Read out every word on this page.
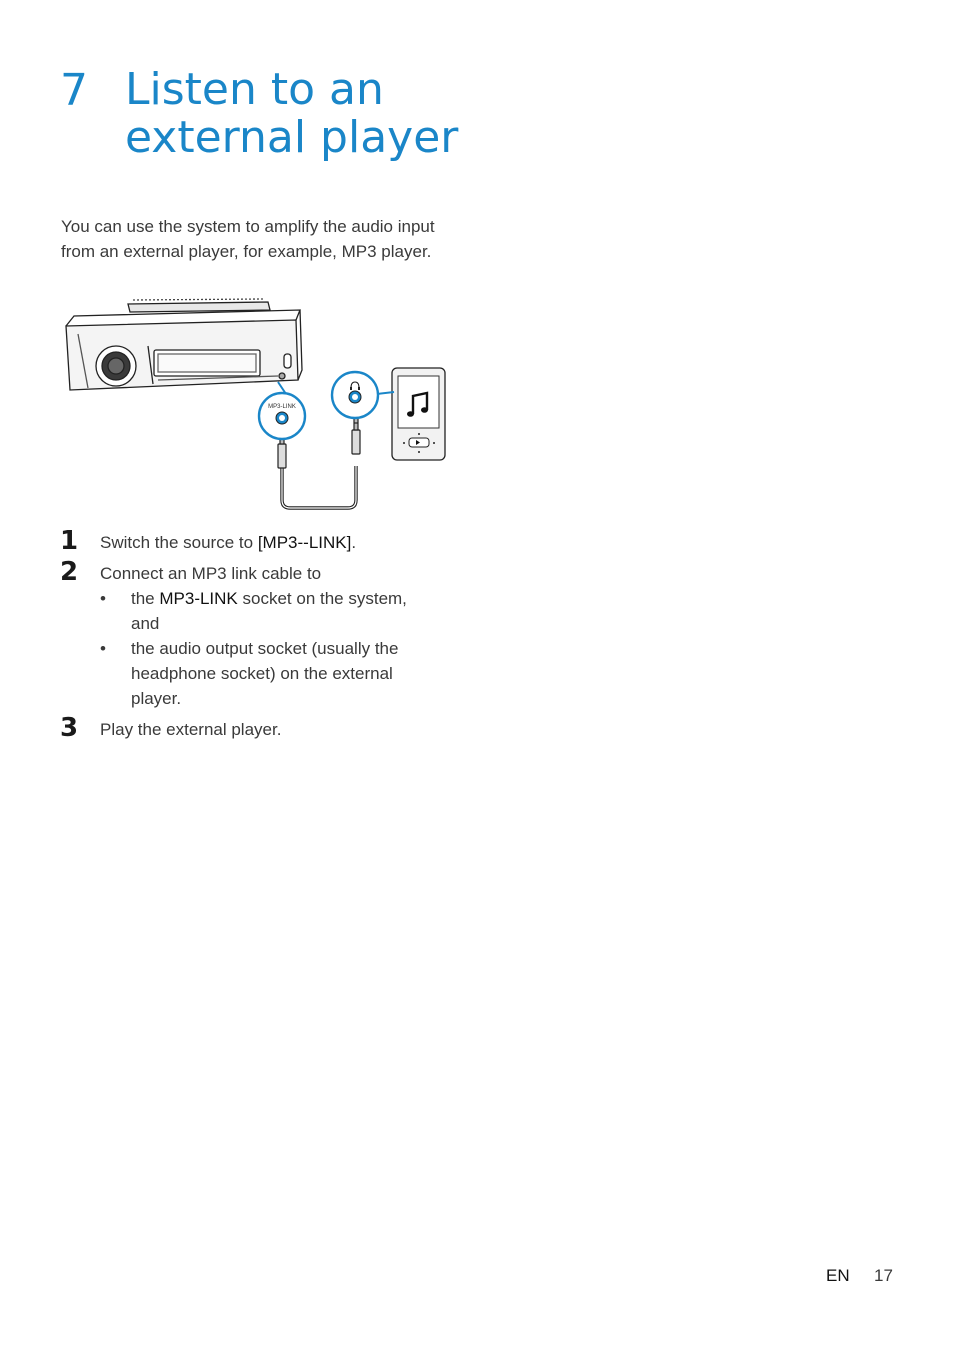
7 Listen to an external player

You can use the system to amplify the audio input from an external player, for example, MP3 player.

MP3-LINK
1	Switch the source to [MP3--LINK].
2	Connect an MP3 link cable to
• the MP3-LINK socket on the system, and
• the audio output socket (usually the headphone socket) on the external player.
3	Play the external player.
EN 17
